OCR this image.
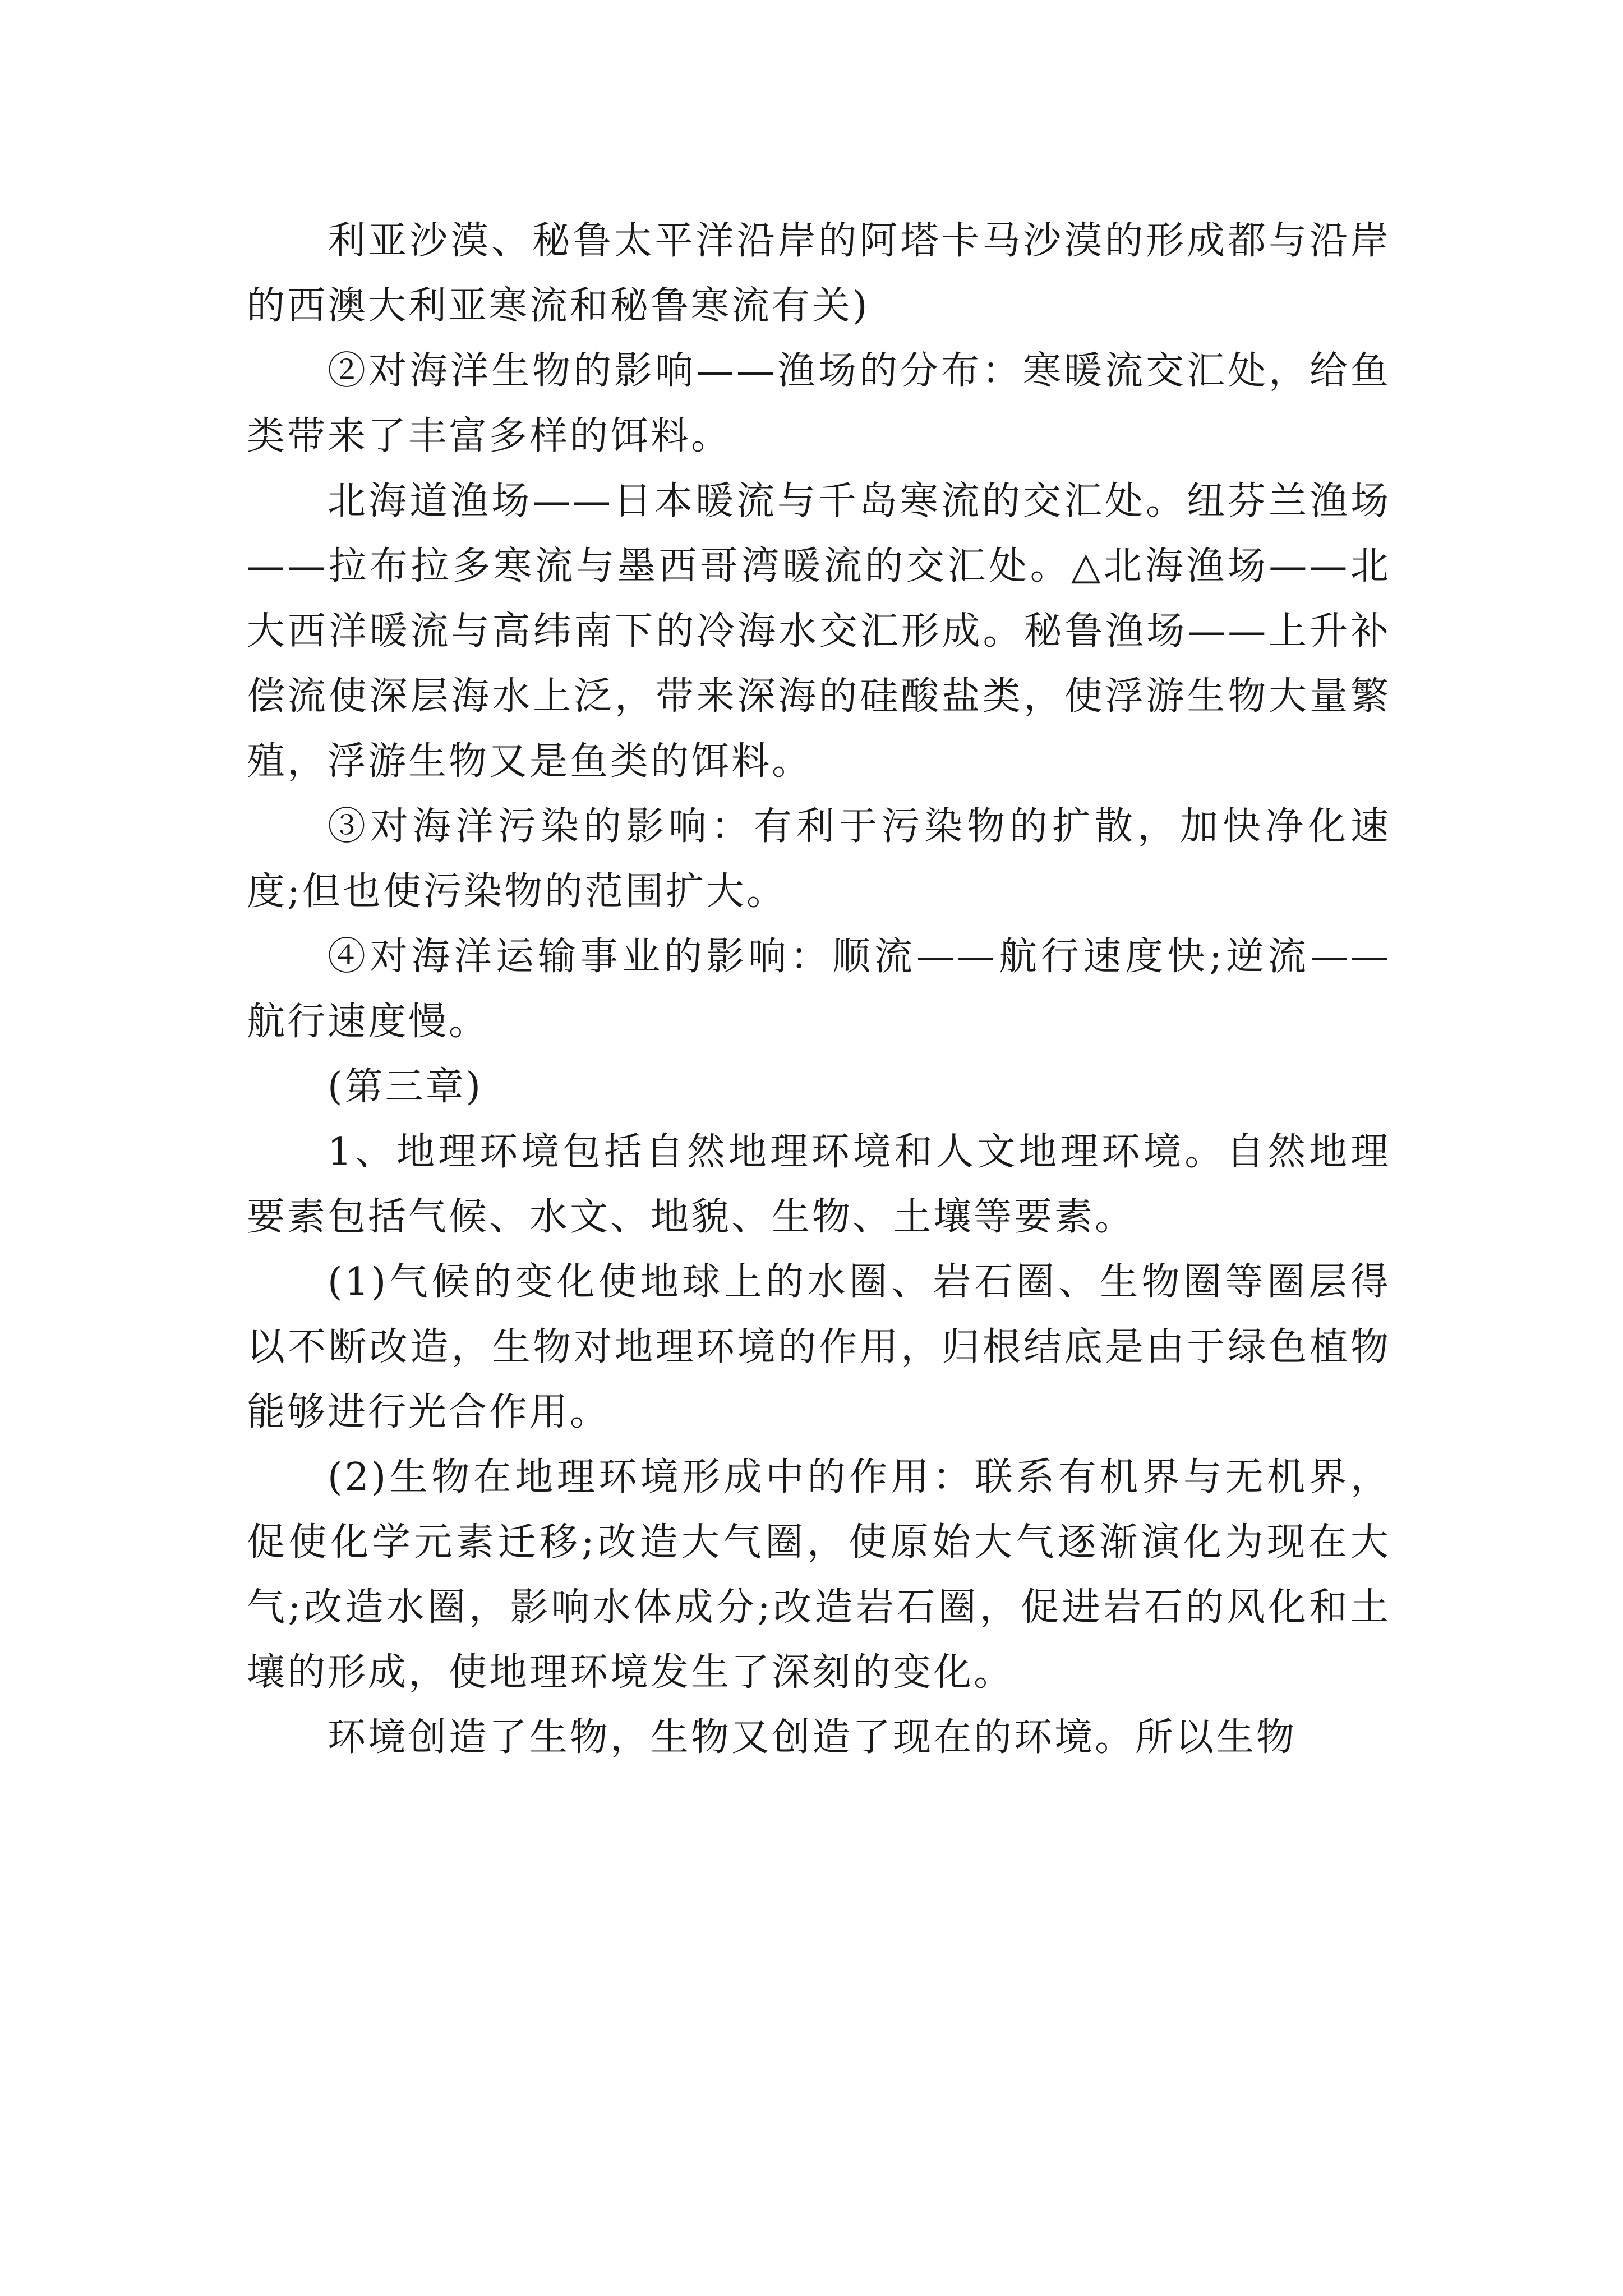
利亚沙漠、秘鲁太平洋沿岸的阿塔卡马沙漠的形成都与沿岸的西澳大利亚寒流和秘鲁寒流有关)

②对海洋生物的影响——渔场的分布：寒暖流交汇处，给鱼类带来了丰富多样的饵料。

北海道渔场——日本暖流与千岛寒流的交汇处。纽芬兰渔场——拉布拉多寒流与墨西哥湾暖流的交汇处。△北海渔场——北大西洋暖流与高纬南下的冷海水交汇形成。秘鲁渔场——上升补偿流使深层海水上泛，带来深海的硅酸盐类，使浮游生物大量繁殖，浮游生物又是鱼类的饵料。

③对海洋污染的影响：有利于污染物的扩散，加快净化速度;但也使污染物的范围扩大。

④对海洋运输事业的影响：顺流——航行速度快;逆流——航行速度慢。

(第三章)

1、地理环境包括自然地理环境和人文地理环境。自然地理要素包括气候、水文、地貌、生物、土壤等要素。

(1)气候的变化使地球上的水圈、岩石圈、生物圈等圈层得以不断改造，生物对地理环境的作用，归根结底是由于绿色植物能够进行光合作用。

(2)生物在地理环境形成中的作用：联系有机界与无机界，促使化学元素迁移;改造大气圈，使原始大气逐渐演化为现在大气;改造水圈，影响水体成分;改造岩石圈，促进岩石的风化和土壤的形成，使地理环境发生了深刻的变化。

环境创造了生物，生物又创造了现在的环境。所以生物
